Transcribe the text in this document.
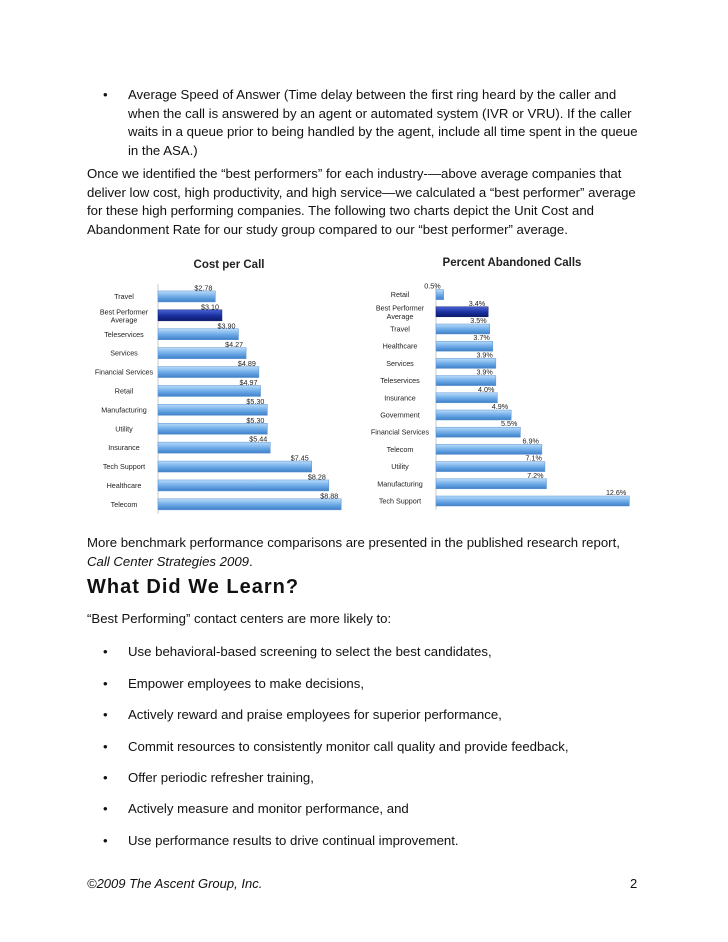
• Average Speed of Answer (Time delay between the first ring heard by the caller and
when the call is answered by an agent or automated system (IVR or VRU). If the caller
waits in a queue prior to being handled by the agent, include all time spent in the queue
in the ASA.)
Once we identified the “best performers” for each industry-—above average companies that
deliver low cost, high productivity, and high service—we calculated a “best performer” average
for these high performing companies. The following two charts depict the Unit Cost and
Abandonment Rate for our study group compared to our “best performer” average.
Cost per Call
Travel
$2.78
Best Performer Average
$3.10
Teleservices
$3.90
Services
$4.27
Financial Services
$4.89
Retail
$4.97
Manufacturing
$5.30
Utility
$5.30
Insurance
$5.44
Tech Support
$7.45
Healthcare
$8.28
Telecom
$8.88
Percent Abandoned Calls
Retail
0.5%
Best Performer Average
3.4%
Travel
3.5%
Healthcare
3.7%
Services
3.9%
Teleservices
3.9%
Insurance
4.0%
Government
4.9%
Financial Services
5.5%
Telecom
6.9%
Utility
7.1%
Manufacturing
7.2%
Tech Support
12.6%
More benchmark performance comparisons are presented in the published research report,
Call Center Strategies 2009.
What Did We Learn?
“Best Performing” contact centers are more likely to:
• Use behavioral-based screening to select the best candidates,
• Empower employees to make decisions,
• Actively reward and praise employees for superior performance,
• Commit resources to consistently monitor call quality and provide feedback,
• Offer periodic refresher training,
• Actively measure and monitor performance, and
• Use performance results to drive continual improvement.
©2009 The Ascent Group, Inc.	2
